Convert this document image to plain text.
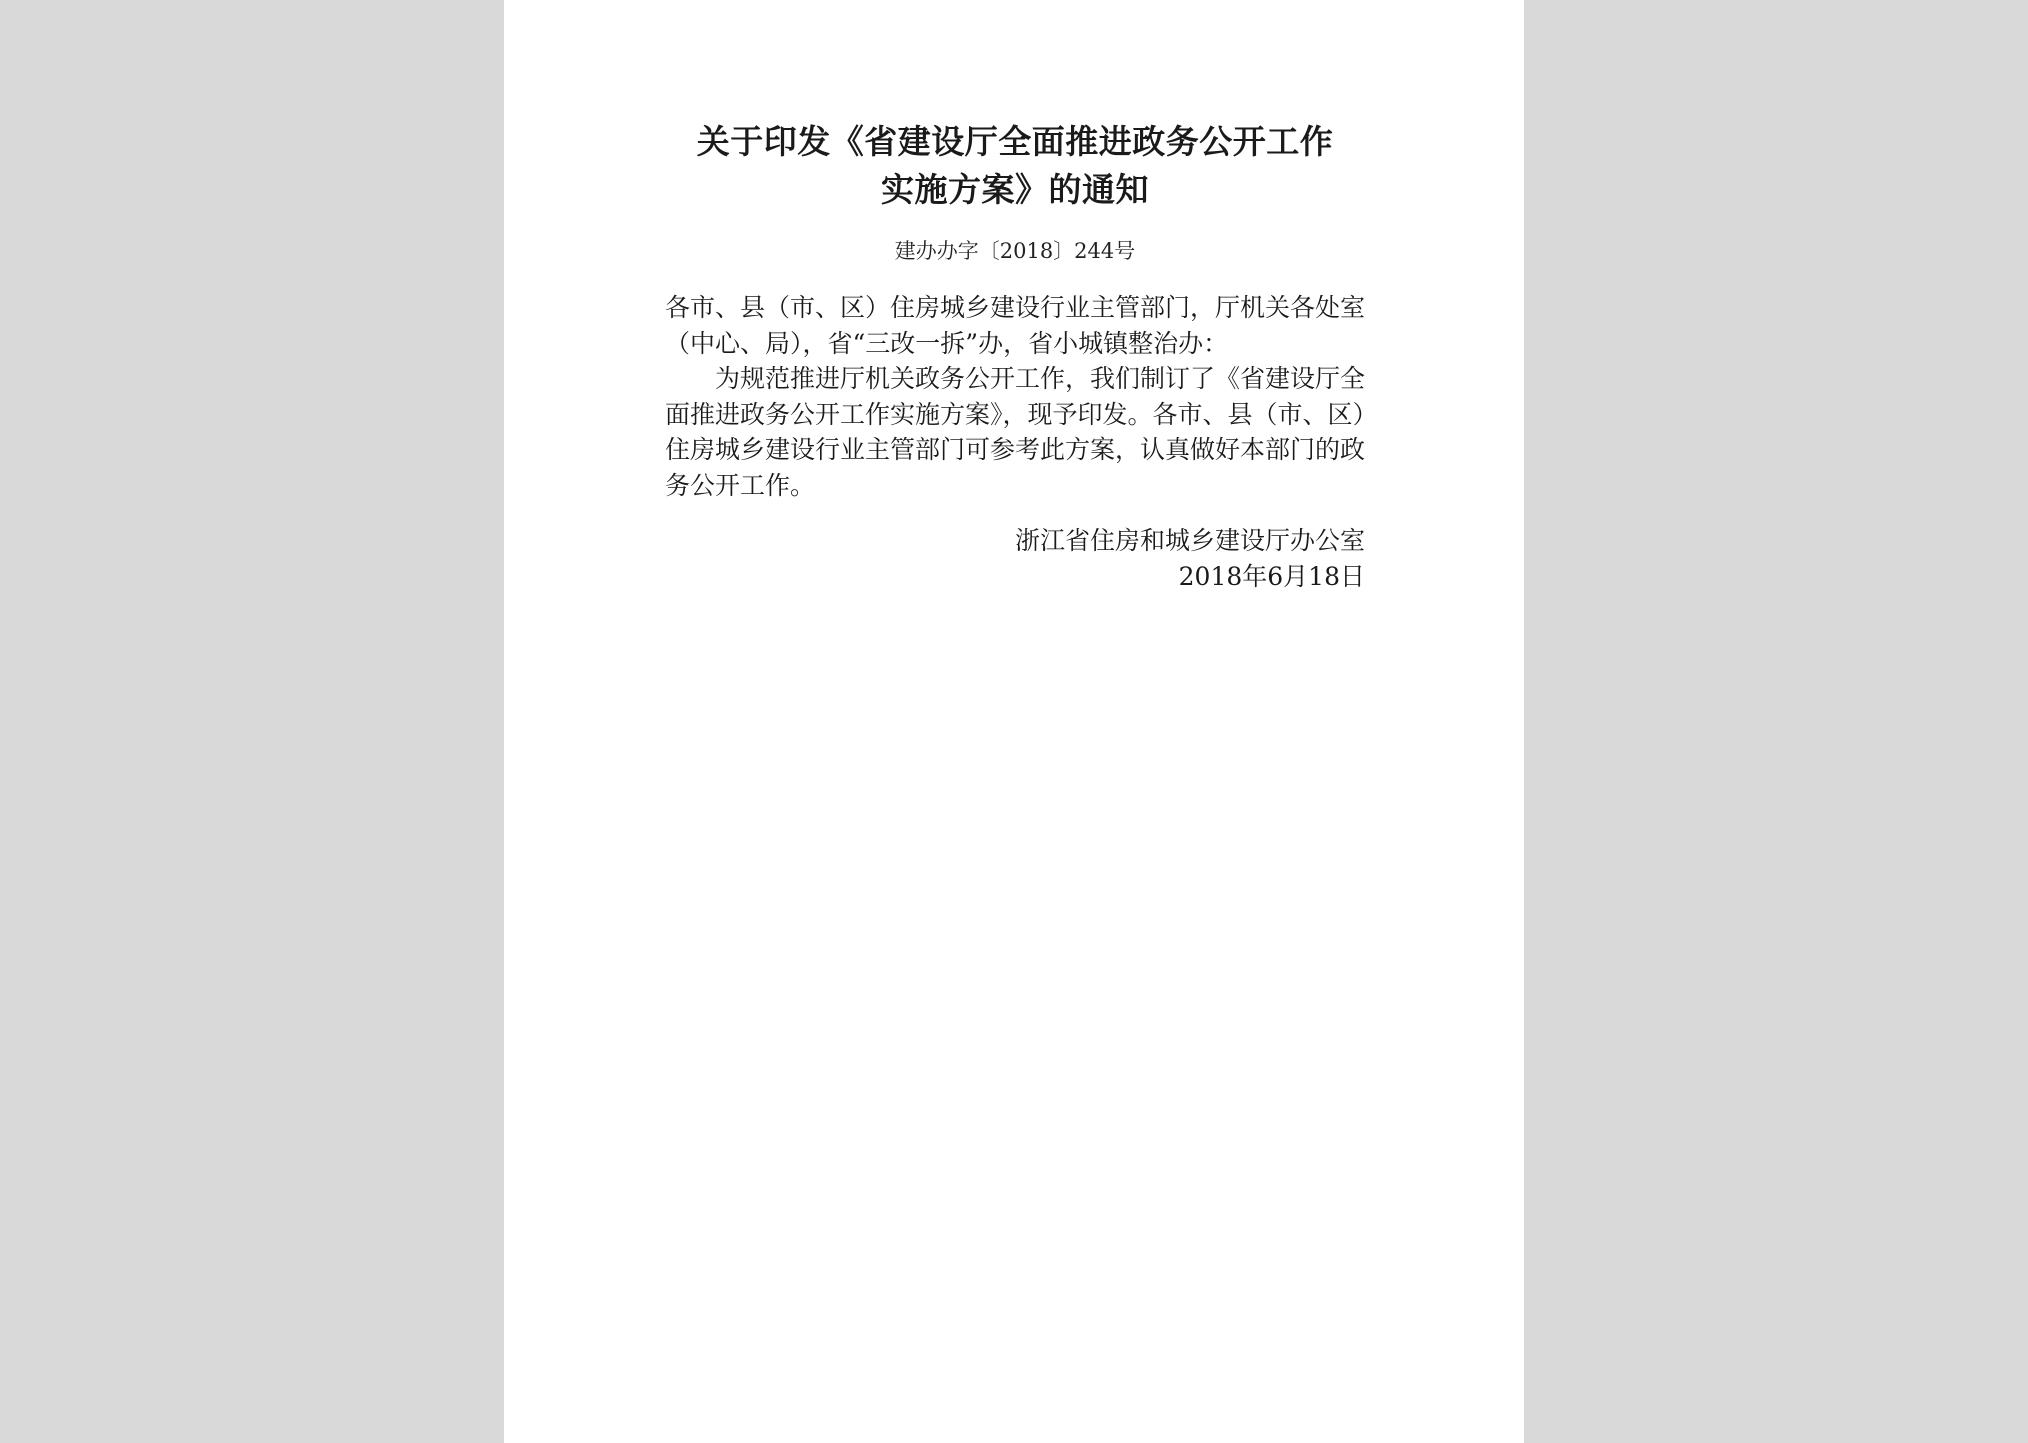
关于印发《省建设厅全面推进政务公开工作
实施方案》的通知
建办办字〔2018〕244号

各市、县（市、区）住房城乡建设行业主管部门，厅机关各处室（中心、局），省“三改一拆”办，省小城镇整治办：

为规范推进厅机关政务公开工作，我们制订了《省建设厅全面推进政务公开工作实施方案》，现予印发。各市、县（市、区）住房城乡建设行业主管部门可参考此方案，认真做好本部门的政务公开工作。

浙江省住房和城乡建设厅办公室
2018年6月18日
